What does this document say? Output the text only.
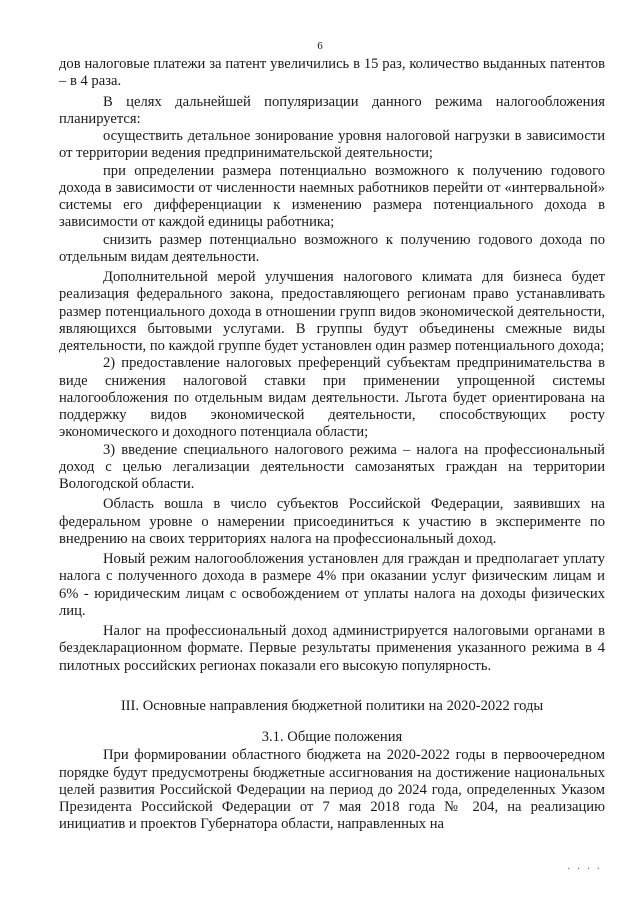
6

дов налоговые платежи за патент увеличились в 15 раз, количество выданных патентов – в 4 раза.

В целях дальнейшей популяризации данного режима налогообложения планируется:

осуществить детальное зонирование уровня налоговой нагрузки в зависимости от территории ведения предпринимательской деятельности;

при определении размера потенциально возможного к получению годового дохода в зависимости от численности наемных работников перейти от «интервальной» системы его дифференциации к изменению размера потенциального дохода в зависимости от каждой единицы работника;

снизить размер потенциально возможного к получению годового дохода по отдельным видам деятельности.

Дополнительной мерой улучшения налогового климата для бизнеса будет реализация федерального закона, предоставляющего регионам право устанавливать размер потенциального дохода в отношении групп видов экономической деятельности, являющихся бытовыми услугами. В группы будут объединены смежные виды деятельности, по каждой группе будет установлен один размер потенциального дохода;

2) предоставление налоговых преференций субъектам предпринимательства в виде снижения налоговой ставки при применении упрощенной системы налогообложения по отдельным видам деятельности. Льгота будет ориентирована на поддержку видов экономической деятельности, способствующих росту экономического и доходного потенциала области;

3) введение специального налогового режима – налога на профессиональный доход с целью легализации деятельности самозанятых граждан на территории Вологодской области.

Область вошла в число субъектов Российской Федерации, заявивших на федеральном уровне о намерении присоединиться к участию в эксперименте по внедрению на своих территориях налога на профессиональный доход.

Новый режим налогообложения установлен для граждан и предполагает уплату налога с полученного дохода в размере 4% при оказании услуг физическим лицам и 6% - юридическим лицам с освобождением от уплаты налога на доходы физических лиц.

Налог на профессиональный доход администрируется налоговыми органами в бездекларационном формате. Первые результаты применения указанного режима в 4 пилотных российских регионах показали его высокую популярность.

III. Основные направления бюджетной политики на 2020-2022 годы
3.1. Общие положения

При формировании областного бюджета на 2020-2022 годы в первоочередном порядке будут предусмотрены бюджетные ассигнования на достижение национальных целей развития Российской Федерации на период до 2024 года, определенных Указом Президента Российской Федерации от 7 мая 2018 года № 204, на реализацию инициатив и проектов Губернатора области, направленных на

· · · ·
